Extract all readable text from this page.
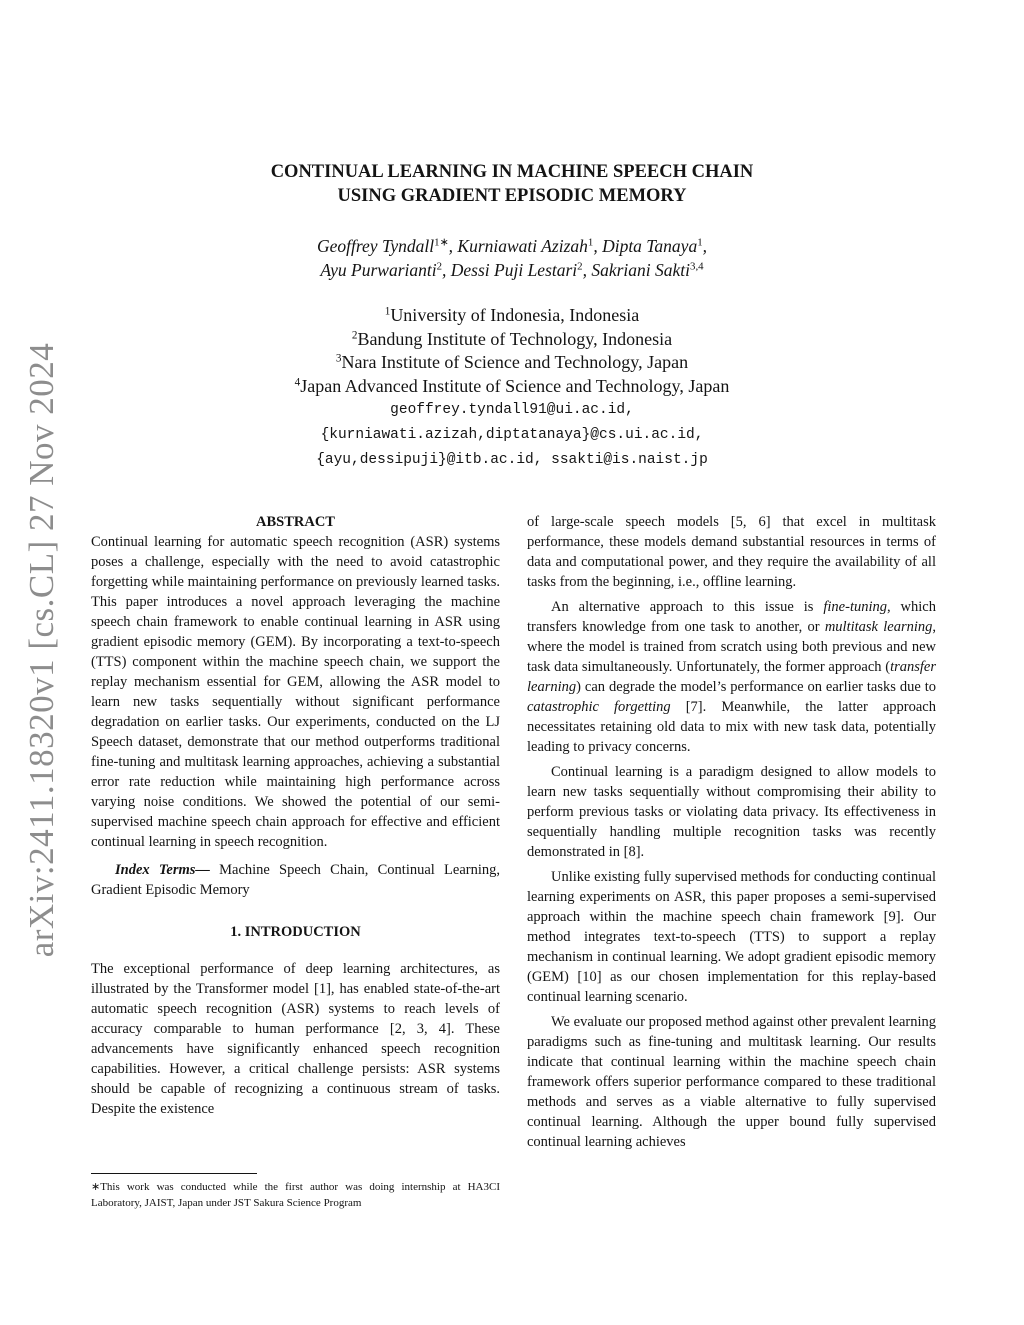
arXiv:2411.18320v1 [cs.CL] 27 Nov 2024
CONTINUAL LEARNING IN MACHINE SPEECH CHAIN
USING GRADIENT EPISODIC MEMORY
Geoffrey Tyndall$^{1∗}$, Kurniawati Azizah$^1$, Dipta Tanaya$^1$,
Ayu Purwarianti$^2$, Dessi Puji Lestari$^2$, Sakriani Sakti$^{3,4}$
$^1$University of Indonesia, Indonesia
$^2$Bandung Institute of Technology, Indonesia
$^3$Nara Institute of Science and Technology, Japan
$^4$Japan Advanced Institute of Science and Technology, Japan
geoffrey.tyndall91@ui.ac.id,
{kurniawati.azizah,diptatanaya}@cs.ui.ac.id,
{ayu,dessipuji}@itb.ac.id, ssakti@is.naist.jp
ABSTRACT

Continual learning for automatic speech recognition (ASR) systems poses a challenge, especially with the need to avoid catastrophic forgetting while maintaining performance on previously learned tasks. This paper introduces a novel approach leveraging the machine speech chain framework to enable continual learning in ASR using gradient episodic memory (GEM). By incorporating a text-to-speech (TTS) component within the machine speech chain, we support the replay mechanism essential for GEM, allowing the ASR model to learn new tasks sequentially without significant performance degradation on earlier tasks. Our experiments, conducted on the LJ Speech dataset, demonstrate that our method outperforms traditional fine-tuning and multitask learning approaches, achieving a substantial error rate reduction while maintaining high performance across varying noise conditions. We showed the potential of our semi-supervised machine speech chain approach for effective and efficient continual learning in speech recognition.

Index Terms— Machine Speech Chain, Continual Learning, Gradient Episodic Memory

1. INTRODUCTION

The exceptional performance of deep learning architectures, as illustrated by the Transformer model [1], has enabled state-of-the-art automatic speech recognition (ASR) systems to reach levels of accuracy comparable to human performance [2, 3, 4]. These advancements have significantly enhanced speech recognition capabilities. However, a critical challenge persists: ASR systems should be capable of recognizing a continuous stream of tasks. Despite the existence

∗This work was conducted while the first author was doing internship at HA3CI Laboratory, JAIST, Japan under JST Sakura Science Program

of large-scale speech models [5, 6] that excel in multitask performance, these models demand substantial resources in terms of data and computational power, and they require the availability of all tasks from the beginning, i.e., offline learning.

An alternative approach to this issue is fine-tuning, which transfers knowledge from one task to another, or multitask learning, where the model is trained from scratch using both previous and new task data simultaneously. Unfortunately, the former approach (transfer learning) can degrade the model’s performance on earlier tasks due to catastrophic forgetting [7]. Meanwhile, the latter approach necessitates retaining old data to mix with new task data, potentially leading to privacy concerns.

Continual learning is a paradigm designed to allow models to learn new tasks sequentially without compromising their ability to perform previous tasks or violating data privacy. Its effectiveness in sequentially handling multiple recognition tasks was recently demonstrated in [8].

Unlike existing fully supervised methods for conducting continual learning experiments on ASR, this paper proposes a semi-supervised approach within the machine speech chain framework [9]. Our method integrates text-to-speech (TTS) to support a replay mechanism in continual learning. We adopt gradient episodic memory (GEM) [10] as our chosen implementation for this replay-based continual learning scenario.

We evaluate our proposed method against other prevalent learning paradigms such as fine-tuning and multitask learning. Our results indicate that continual learning within the machine speech chain framework offers superior performance compared to these traditional methods and serves as a viable alternative to fully supervised continual learning. Although the upper bound fully supervised continual learning achieves
